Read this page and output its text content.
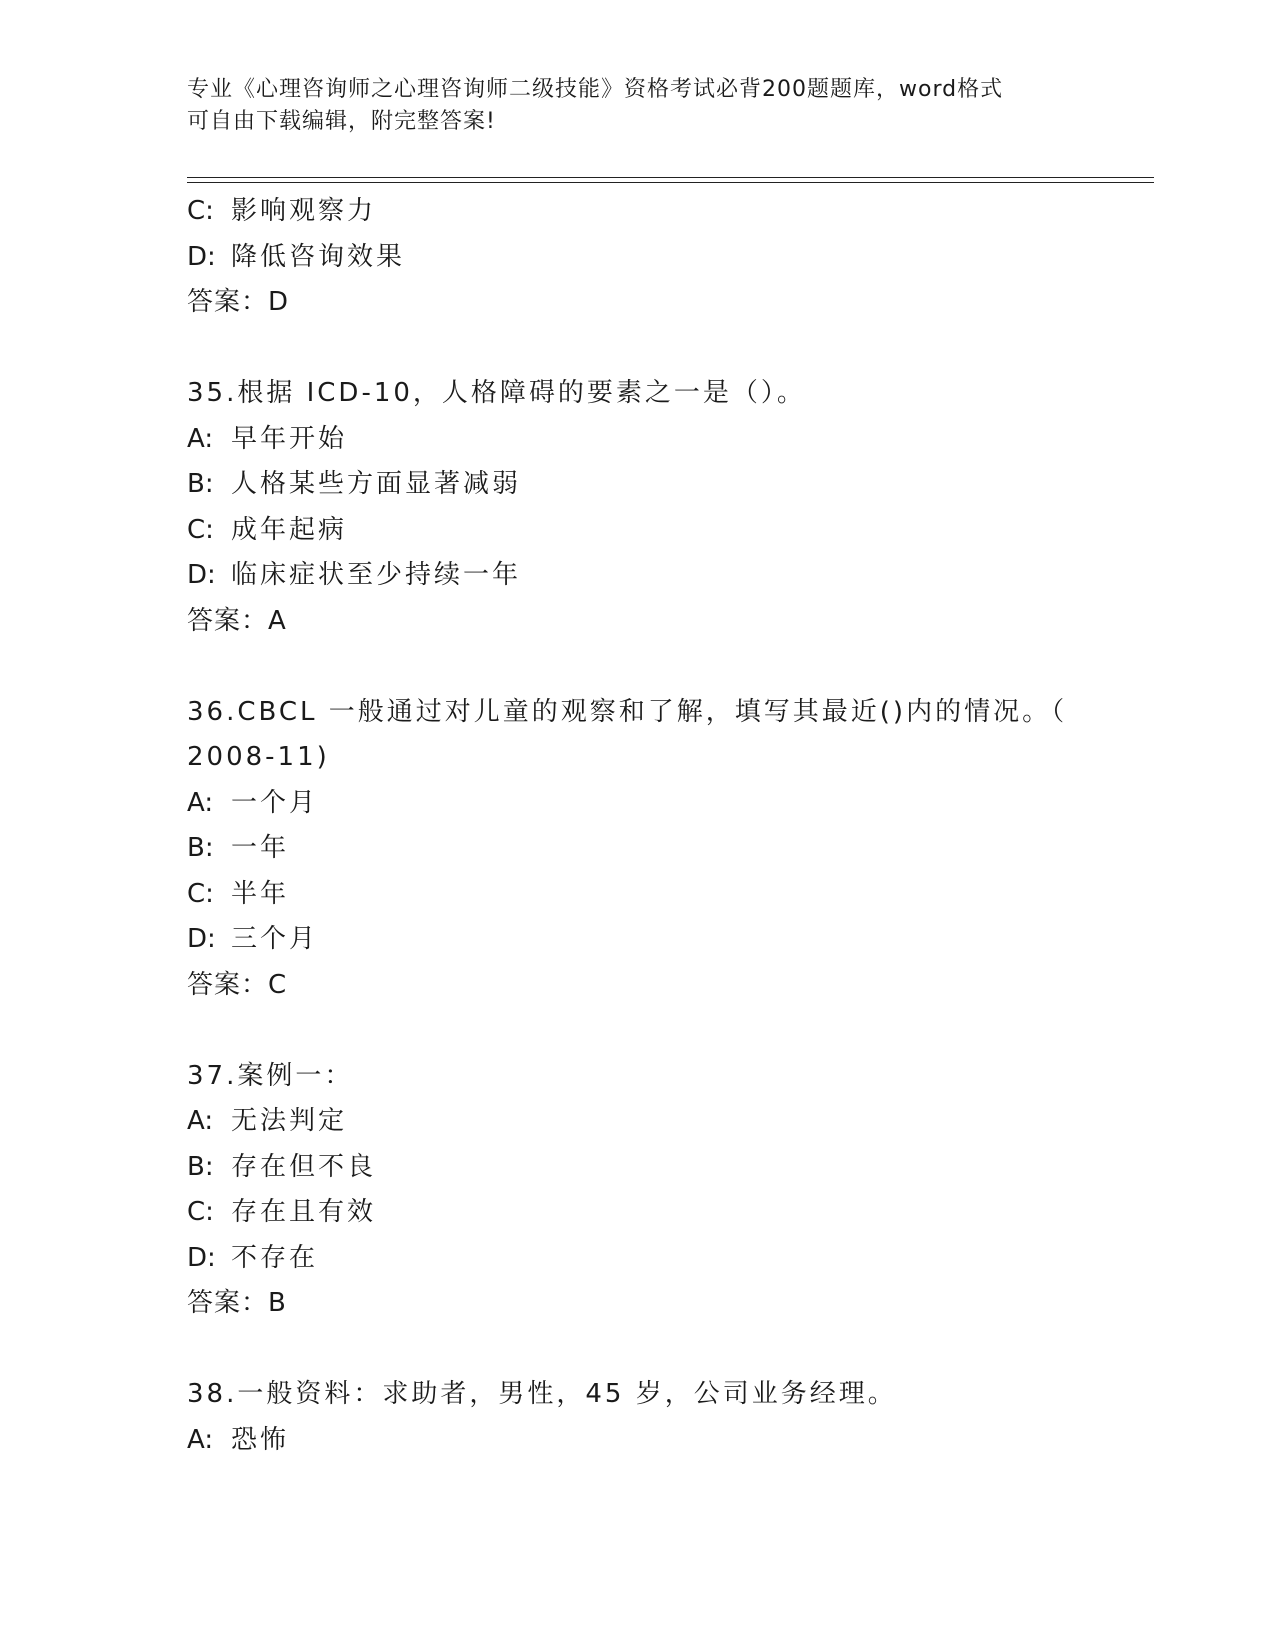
专业《心理咨询师之心理咨询师二级技能》资格考试必背200题题库，word格式
可自由下载编辑，附完整答案!
C: 影响观察力
D: 降低咨询效果
答案：D
35.根据 ICD-10，人格障碍的要素之一是（）。
A: 早年开始
B: 人格某些方面显著减弱
C: 成年起病
D: 临床症状至少持续一年
答案：A
36.CBCL 一般通过对儿童的观察和了解，填写其最近()内的情况。（
2008-11)
A: 一个月
B: 一年
C: 半年
D: 三个月
答案：C
37.案例一：
A: 无法判定
B: 存在但不良
C: 存在且有效
D: 不存在
答案：B
38.一般资料：求助者，男性，45 岁，公司业务经理。
A: 恐怖
